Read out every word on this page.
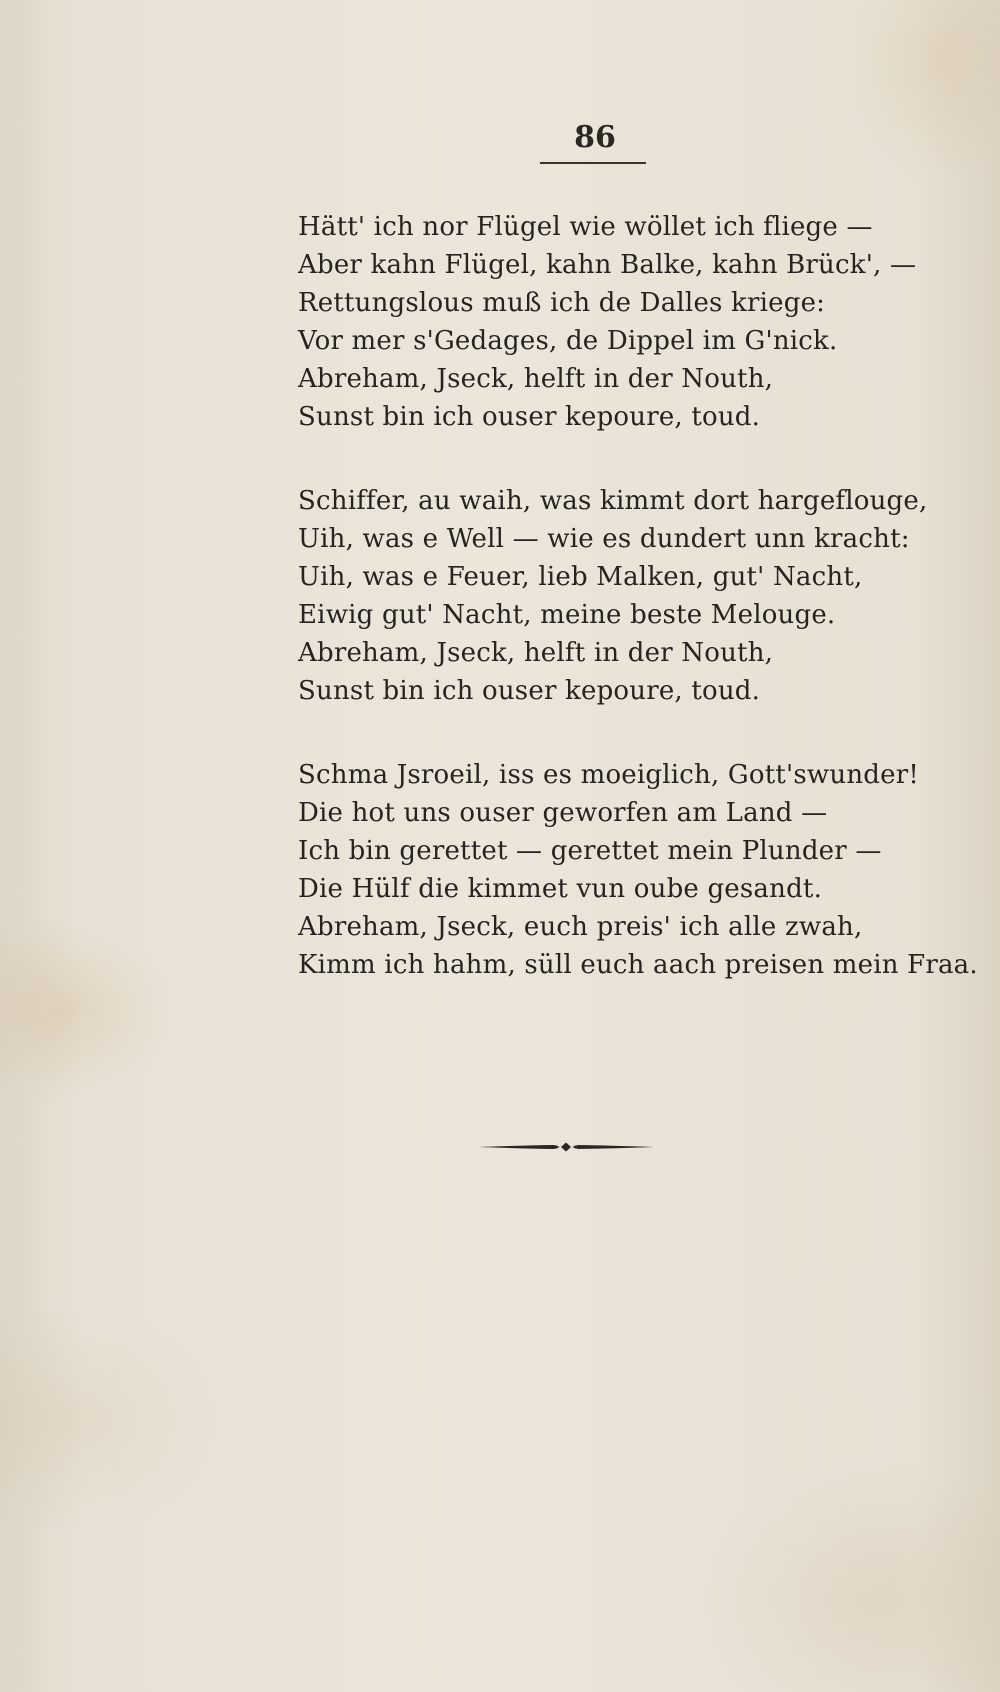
86
Hätt' ich nor Flügel wie wöllet ich fliege —
Aber kahn Flügel, kahn Balke, kahn Brück', —
Rettungslous muß ich de Dalles kriege:
Vor mer s'Gedages, de Dippel im G'nick.
Abreham, Jseck, helft in der Nouth,
Sunst bin ich ouser kepoure, toud.
Schiffer, au waih, was kimmt dort hargeflouge,
Uih, was e Well — wie es dundert unn kracht:
Uih, was e Feuer, lieb Malken, gut' Nacht,
Eiwig gut' Nacht, meine beste Melouge.
Abreham, Jseck, helft in der Nouth,
Sunst bin ich ouser kepoure, toud.
Schma Jsroeil, iss es moeiglich, Gott'swunder!
Die hot uns ouser geworfen am Land —
Ich bin gerettet — gerettet mein Plunder —
Die Hülf die kimmet vun oube gesandt.
Abreham, Jseck, euch preis' ich alle zwah,
Kimm ich hahm, süll euch aach preisen mein Fraa.
